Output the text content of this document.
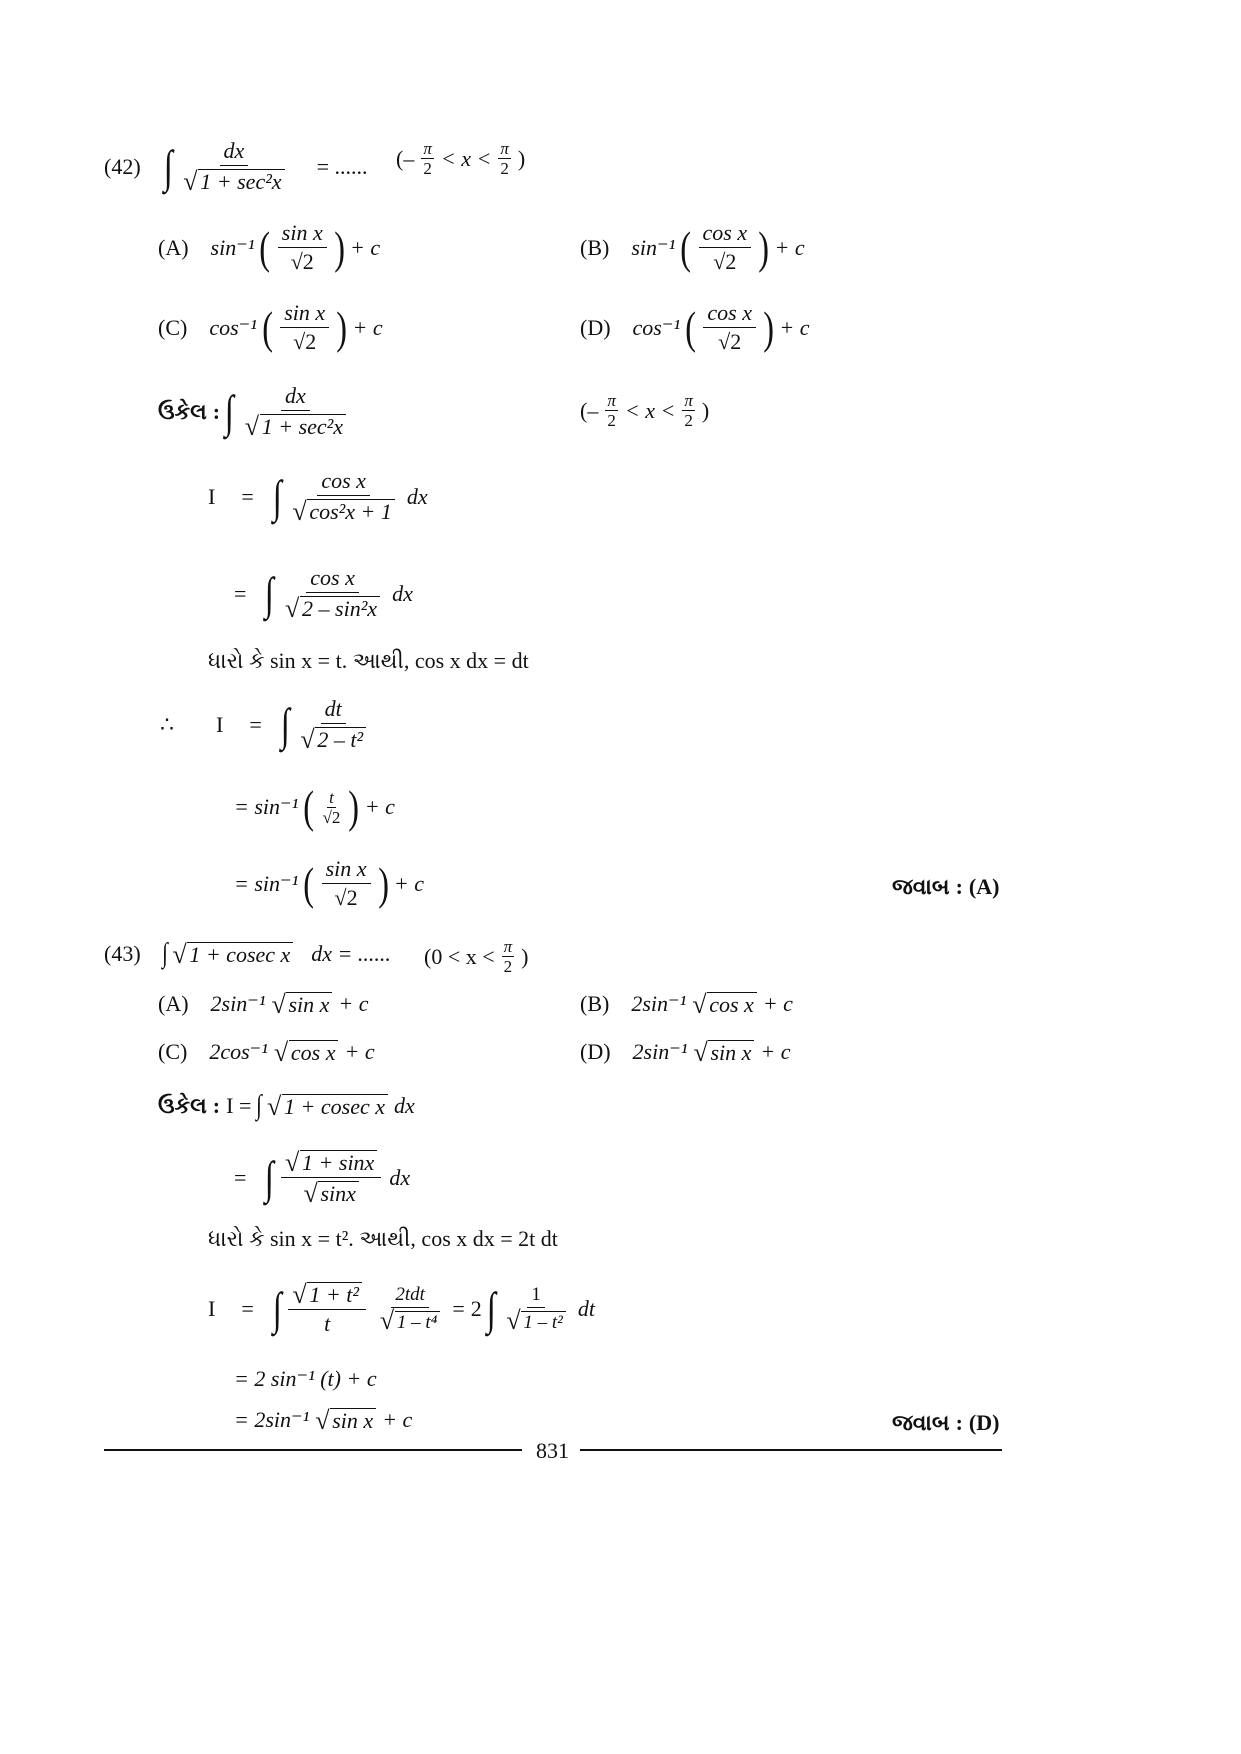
(42) ∫ dx
√ 1 + sec²x = ...... (– $\frac{\pi}{2} < x < \frac{\pi}{2}$ )
(A) sin⁻¹ ( $\frac{\text{sin x}}{√2}$ ) + c	(B) sin⁻¹ ( $\frac{\text{cos x}}{√2}$ ) + c
(C) cos⁻¹ ( $\frac{\text{sin x}}{√2}$ ) + c	(D) cos⁻¹ ( $\frac{\text{cos x}}{√2}$ ) + c
ઉકેલ : ∫ dx
√ 1 + sec²x	(– $\frac{\pi}{2} < x < \frac{\pi}{2}$ )
I = ∫ cos x
√ cos²x + 1 dx
= ∫ cos x
√ 2 – sin²x dx
ધારો કે sin x = t. આથી, cos x dx = dt
∴ I = ∫ dt
√ 2 – t²
= sin⁻¹ ( $\frac{t}{√2}$ ) + c
= sin⁻¹ ( $\frac{\text{sin x}}{√2}$ ) + c	જવાબ : (A)
(43) ∫ √ 1 + cosec x dx = ...... ($0 < x < \frac{\pi}{2}$ )
(A) 2sin⁻¹	√ sin x + c	(B) 2sin⁻¹	√ cos x + c
(C) 2cos⁻¹	√ cos x + c	(D) 2sin⁻¹	√ sin x + c
ઉકેલ : I = ∫ √ 1 + cosec x dx
= ∫ √ 1 + sinx
√ sinx dx
ધારો કે sin x = t². આથી, cos x dx = 2t dt
I = ∫ √ $\frac{\text{1 + t²}}{t} 2tdt$
√ 1 – t⁴ = 2 ∫ 1
√ 1 – t² dt
= 2 sin⁻¹ (t) + c
= 2sin⁻¹	√ sin x + c	જવાબ : (D)
831
